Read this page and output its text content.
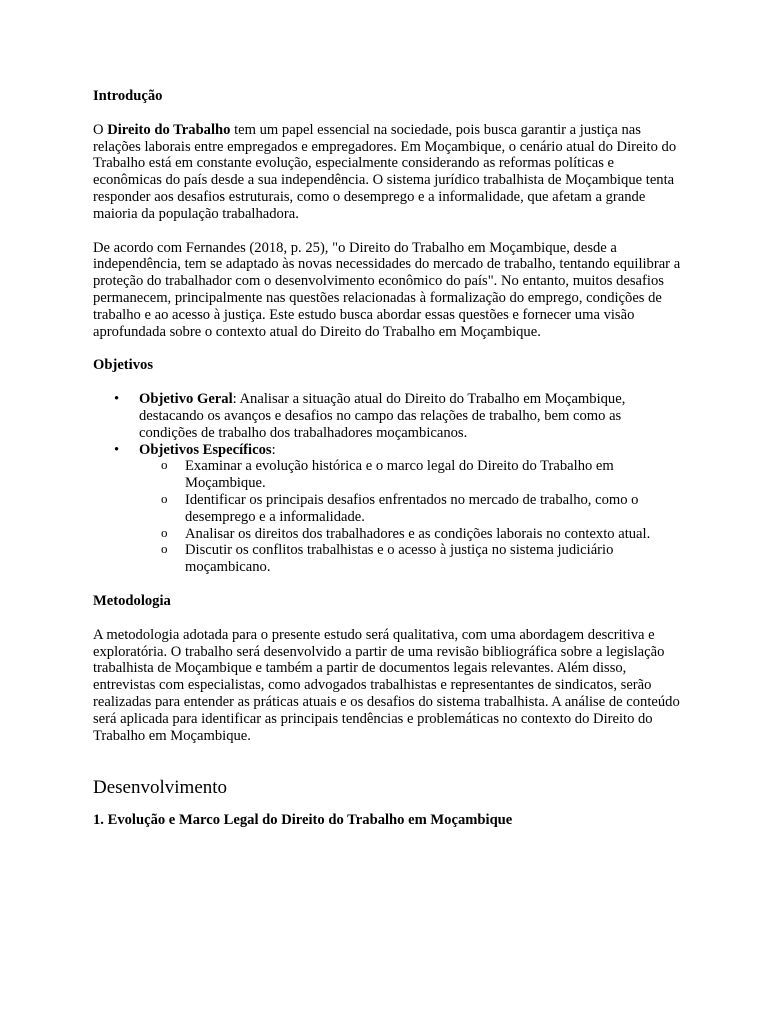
Introdução

O Direito do Trabalho tem um papel essencial na sociedade, pois busca garantir a justiça nas relações laborais entre empregados e empregadores. Em Moçambique, o cenário atual do Direito do Trabalho está em constante evolução, especialmente considerando as reformas políticas e econômicas do país desde a sua independência. O sistema jurídico trabalhista de Moçambique tenta responder aos desafios estruturais, como o desemprego e a informalidade, que afetam a grande maioria da população trabalhadora.

De acordo com Fernandes (2018, p. 25), "o Direito do Trabalho em Moçambique, desde a independência, tem se adaptado às novas necessidades do mercado de trabalho, tentando equilibrar a proteção do trabalhador com o desenvolvimento econômico do país". No entanto, muitos desafios permanecem, principalmente nas questões relacionadas à formalização do emprego, condições de trabalho e ao acesso à justiça. Este estudo busca abordar essas questões e fornecer uma visão aprofundada sobre o contexto atual do Direito do Trabalho em Moçambique.

Objetivos

• Objetivo Geral: Analisar a situação atual do Direito do Trabalho em Moçambique, destacando os avanços e desafios no campo das relações de trabalho, bem como as condições de trabalho dos trabalhadores moçambicanos.
• Objetivos Específicos:
o Examinar a evolução histórica e o marco legal do Direito do Trabalho em Moçambique.
o Identificar os principais desafios enfrentados no mercado de trabalho, como o desemprego e a informalidade.
o Analisar os direitos dos trabalhadores e as condições laborais no contexto atual.
o Discutir os conflitos trabalhistas e o acesso à justiça no sistema judiciário moçambicano.

Metodologia

A metodologia adotada para o presente estudo será qualitativa, com uma abordagem descritiva e exploratória. O trabalho será desenvolvido a partir de uma revisão bibliográfica sobre a legislação trabalhista de Moçambique e também a partir de documentos legais relevantes. Além disso, entrevistas com especialistas, como advogados trabalhistas e representantes de sindicatos, serão realizadas para entender as práticas atuais e os desafios do sistema trabalhista. A análise de conteúdo será aplicada para identificar as principais tendências e problemáticas no contexto do Direito do Trabalho em Moçambique.

Desenvolvimento

1. Evolução e Marco Legal do Direito do Trabalho em Moçambique
